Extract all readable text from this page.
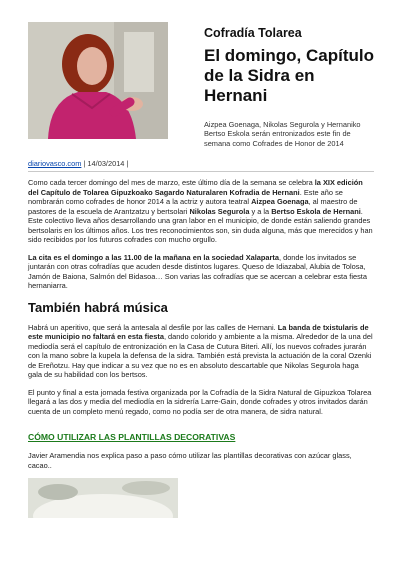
Cofradía Tolarea
El domingo, Capítulo de la Sidra en Hernani
Aizpea Goenaga, Nikolas Segurola y Hernaniko Bertso Eskola serán entronizados este fin de semana como Cofrades de Honor de 2014
diariovasco.com | 14/03/2014 |

Como cada tercer domingo del mes de marzo, este último día de la semana se celebra la XIX edición del Capítulo de Tolarea Gipuzkoako Sagardo Naturalaren Kofradia de Hernani. Este año se nombrarán como cofrades de honor 2014 a la actriz y autora teatral Aizpea Goenaga, al maestro de pastores de la escuela de Arantzatzu y bertsolari Nikolas Segurola y a la Bertso Eskola de Hernani. Este colectivo lleva años desarrollando una gran labor en el municipio, de donde están saliendo grandes bertsolaris en los últimos años. Los tres reconocimientos son, sin duda alguna, más que merecidos y han sido recibidos por los futuros cofrades con mucho orgullo.

La cita es el domingo a las 11.00 de la mañana en la sociedad Xalaparta, donde los invitados se juntarán con otras cofradías que acuden desde distintos lugares. Queso de Idiazabal, Alubia de Tolosa, Jamón de Baiona, Salmón del Bidasoa… Son varias las cofradías que se acercan a celebrar esta fiesta hernaniarra.

También habrá música

Habrá un aperitivo, que será la antesala al desfile por las calles de Hernani. La banda de txistularis de este municipio no faltará en esta fiesta, dando colorido y ambiente a la misma. Alrededor de la una del mediodía será el capítulo de entronización en la Casa de Cutura Biteri. Allí, los nuevos cofrades jurarán con la mano sobre la kupela la defensa de la sidra. También está prevista la actuación de la coral Ozenki de Ereñotzu. Hay que indicar a su vez que no es en absoluto descartable que Nikolas Segurola haga gala de su habilidad con los bertsos.

El punto y final a esta jornada festiva organizada por la Cofradía de la Sidra Natural de Gipuzkoa Tolarea llegará a las dos y media del mediodía en la sidrería Larre-Gain, donde cofrades y otros invitados darán cuenta de un completo menú regado, como no podía ser de otra manera, de sidra natural.

CÓMO UTILIZAR LAS PLANTILLAS DECORATIVAS

Javier Aramendia nos explica paso a paso cómo utilizar las plantillas decorativas con azúcar glass, cacao..
